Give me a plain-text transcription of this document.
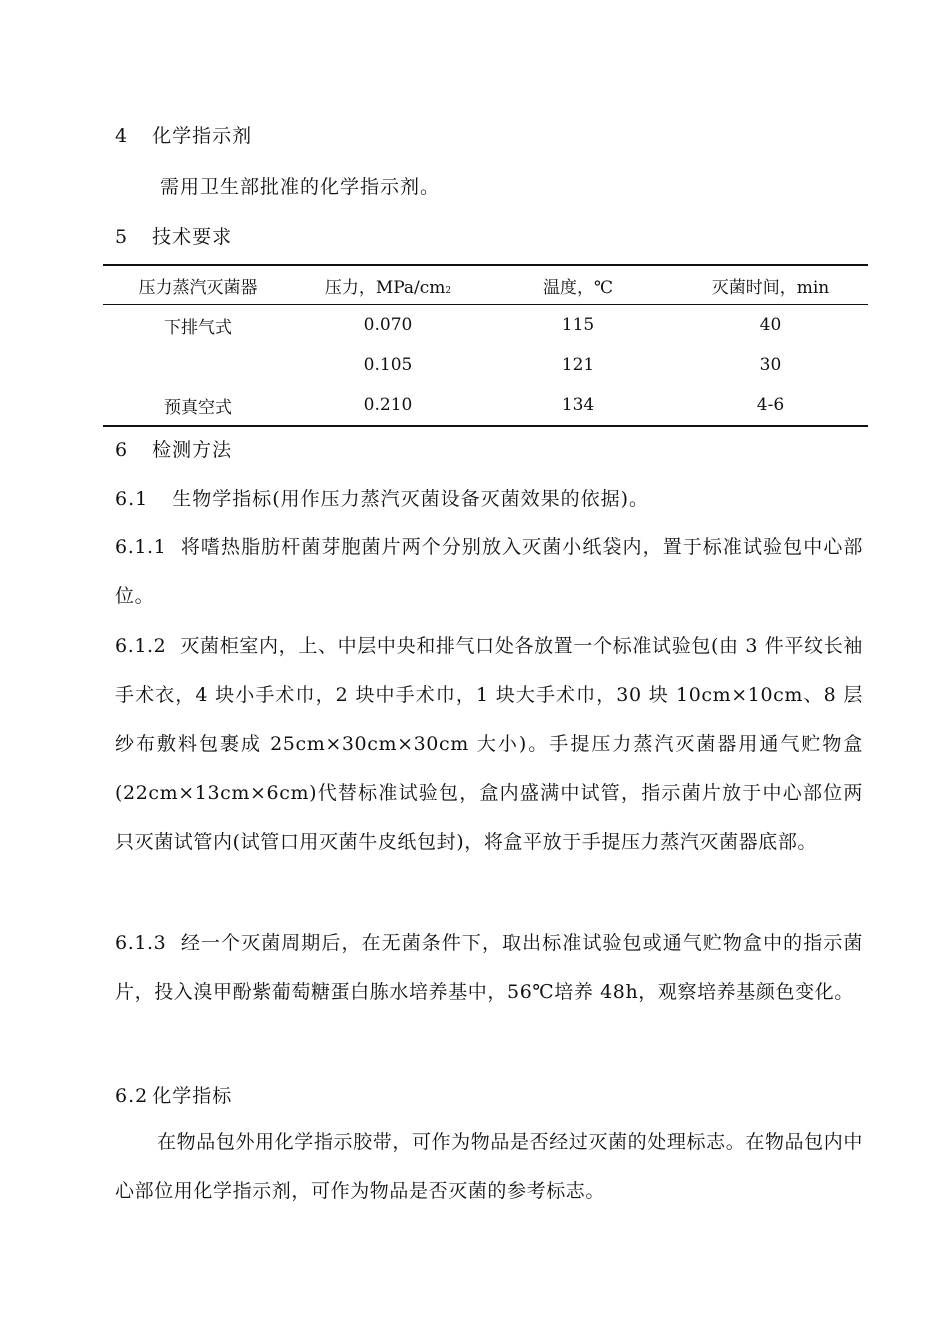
4 化学指示剂
需用卫生部批准的化学指示剂。
5 技术要求
压力蒸汽灭菌器	压力，MPa/cm2	温度，℃	灭菌时间，min
下排气式	0.070	115	40
	0.105	121	30
预真空式	0.210	134	4-6
6 检测方法
6.1 生物学指标(用作压力蒸汽灭菌设备灭菌效果的依据)。
6.1.1 将嗜热脂肪杆菌芽胞菌片两个分别放入灭菌小纸袋内，置于标准试验包中心部位。
6.1.2 灭菌柜室内，上、中层中央和排气口处各放置一个标准试验包(由 3 件平纹长袖手术衣，4 块小手术巾，2 块中手术巾，1 块大手术巾，30 块 10cm×10cm、8 层纱布敷料包裹成 25cm×30cm×30cm 大小)。手提压力蒸汽灭菌器用通气贮物盒(22cm×13cm×6cm)代替标准试验包，盒内盛满中试管，指示菌片放于中心部位两只灭菌试管内(试管口用灭菌牛皮纸包封)，将盒平放于手提压力蒸汽灭菌器底部。
6.1.3 经一个灭菌周期后，在无菌条件下，取出标准试验包或通气贮物盒中的指示菌片，投入溴甲酚紫葡萄糖蛋白胨水培养基中，56℃培养 48h，观察培养基颜色变化。
6.2 化学指标
在物品包外用化学指示胶带，可作为物品是否经过灭菌的处理标志。在物品包内中心部位用化学指示剂，可作为物品是否灭菌的参考标志。
